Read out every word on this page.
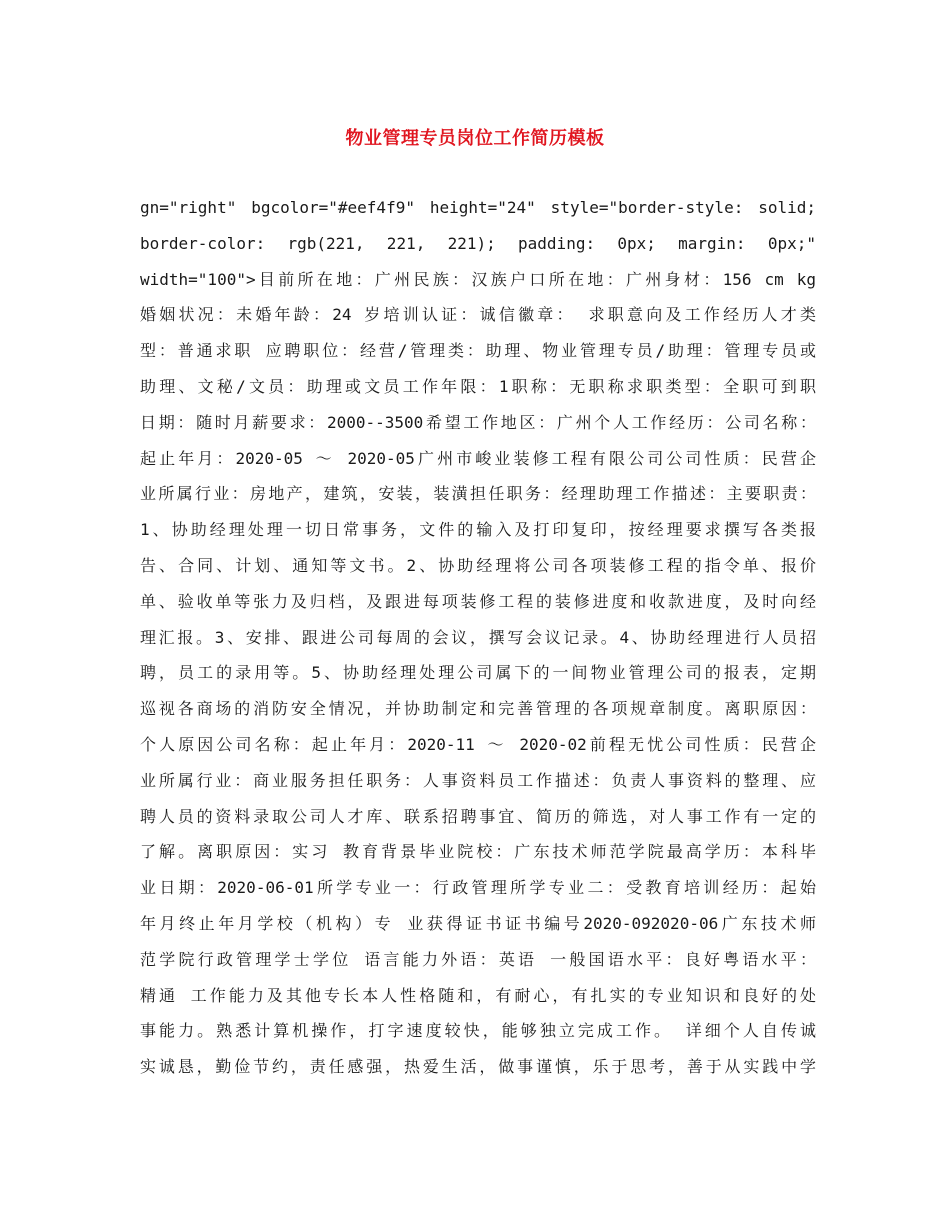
物业管理专员岗位工作简历模板
gn="right" bgcolor="#eef4f9" height="24" style="border-style: solid;
border-color: rgb(221, 221, 221); padding: 0px; margin: 0px;"
width="100">目前所在地：广州民族：汉族户口所在地：广州身材：156 cm kg
婚姻状况：未婚年龄：24 岁培训认证：诚信徽章： 求职意向及工作经历人才类
型：普通求职 应聘职位：经营/管理类：助理、物业管理专员/助理：管理专员或
助理、文秘/文员：助理或文员工作年限：1职称：无职称求职类型：全职可到职
日期：随时月薪要求：2000--3500希望工作地区：广州个人工作经历：公司名称：
起止年月：2020-05 ～ 2020-05广州市峻业装修工程有限公司公司性质：民营企
业所属行业：房地产，建筑，安装，装潢担任职务：经理助理工作描述：主要职责：
1、协助经理处理一切日常事务，文件的输入及打印复印，按经理要求撰写各类报
告、合同、计划、通知等文书。2、协助经理将公司各项装修工程的指令单、报价
单、验收单等张力及归档，及跟进每项装修工程的装修进度和收款进度，及时向经
理汇报。3、安排、跟进公司每周的会议，撰写会议记录。4、协助经理进行人员招
聘，员工的录用等。5、协助经理处理公司属下的一间物业管理公司的报表，定期
巡视各商场的消防安全情况，并协助制定和完善管理的各项规章制度。离职原因：
个人原因公司名称：起止年月：2020-11 ～ 2020-02前程无忧公司性质：民营企
业所属行业：商业服务担任职务：人事资料员工作描述：负责人事资料的整理、应
聘人员的资料录取公司人才库、联系招聘事宜、简历的筛选，对人事工作有一定的
了解。离职原因：实习 教育背景毕业院校：广东技术师范学院最高学历：本科毕
业日期：2020-06-01所学专业一：行政管理所学专业二：受教育培训经历：起始
年月终止年月学校（机构）专 业获得证书证书编号2020-092020-06广东技术师
范学院行政管理学士学位 语言能力外语：英语 一般国语水平：良好粤语水平：
精通 工作能力及其他专长本人性格随和，有耐心，有扎实的专业知识和良好的处
事能力。熟悉计算机操作，打字速度较快，能够独立完成工作。 详细个人自传诚
实诚恳，勤俭节约，责任感强，热爱生活，做事谨慎，乐于思考，善于从实践中学
